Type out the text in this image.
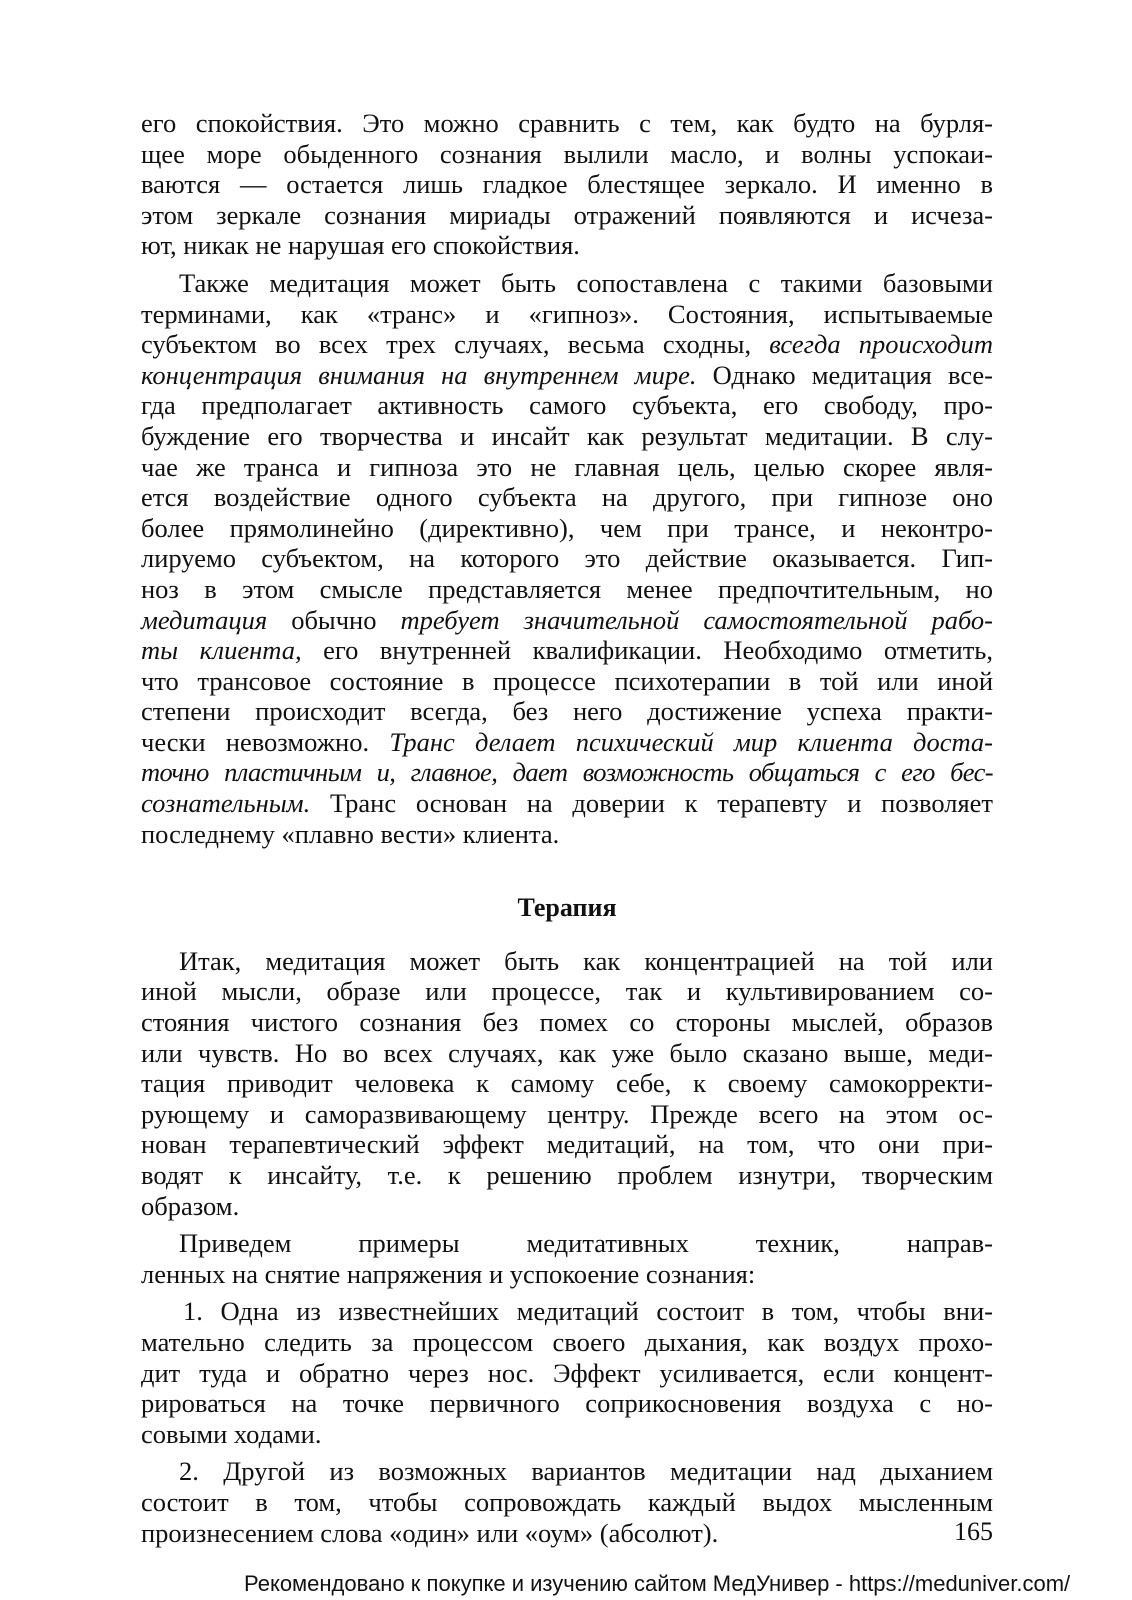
его спокойствия. Это можно сравнить с тем, как будто на бурля-
щее море обыденного сознания вылили масло, и волны успокаи-
ваются — остается лишь гладкое блестящее зеркало. И именно в
этом зеркале сознания мириады отражений появляются и исчеза-
ют, никак не нарушая его спокойствия.
Также медитация может быть сопоставлена с такими базовыми
терминами, как «транс» и «гипноз». Состояния, испытываемые
субъектом во всех трех случаях, весьма сходны, всегда происходит
концентрация внимания на внутреннем мире. Однако медитация все-
гда предполагает активность самого субъекта, его свободу, про-
буждение его творчества и инсайт как результат медитации. В слу-
чае же транса и гипноза это не главная цель, целью скорее явля-
ется воздействие одного субъекта на другого, при гипнозе оно
более прямолинейно (директивно), чем при трансе, и неконтро-
лируемо субъектом, на которого это действие оказывается. Гип-
ноз в этом смысле представляется менее предпочтительным, но
медитация обычно требует значительной самостоятельной рабо-
ты клиента, его внутренней квалификации. Необходимо отметить,
что трансовое состояние в процессе психотерапии в той или иной
степени происходит всегда, без него достижение успеха практи-
чески невозможно. Транс делает психический мир клиента доста-
точно пластичным и, главное, дает возможность общаться с его бес-
сознательным. Транс основан на доверии к терапевту и позволяет
последнему «плавно вести» клиента.
Терапия
Итак, медитация может быть как концентрацией на той или
иной мысли, образе или процессе, так и культивированием со-
стояния чистого сознания без помех со стороны мыслей, образов
или чувств. Но во всех случаях, как уже было сказано выше, меди-
тация приводит человека к самому себе, к своему самокорректи-
рующему и саморазвивающему центру. Прежде всего на этом ос-
нован терапевтический эффект медитаций, на том, что они при-
водят к инсайту, т.е. к решению проблем изнутри, творческим
образом.
Приведем примеры медитативных техник, направ-
ленных на снятие напряжения и успокоение сознания:
1. Одна из известнейших медитаций состоит в том, чтобы вни-
мательно следить за процессом своего дыхания, как воздух прохо-
дит туда и обратно через нос. Эффект усиливается, если концент-
рироваться на точке первичного соприкосновения воздуха с но-
совыми ходами.
2. Другой из возможных вариантов медитации над дыханием
состоит в том, чтобы сопровождать каждый выдох мысленным
произнесением слова «один» или «оум» (абсолют).	165
Рекомендовано к покупке и изучению сайтом МедУнивер - https://meduniver.com/
